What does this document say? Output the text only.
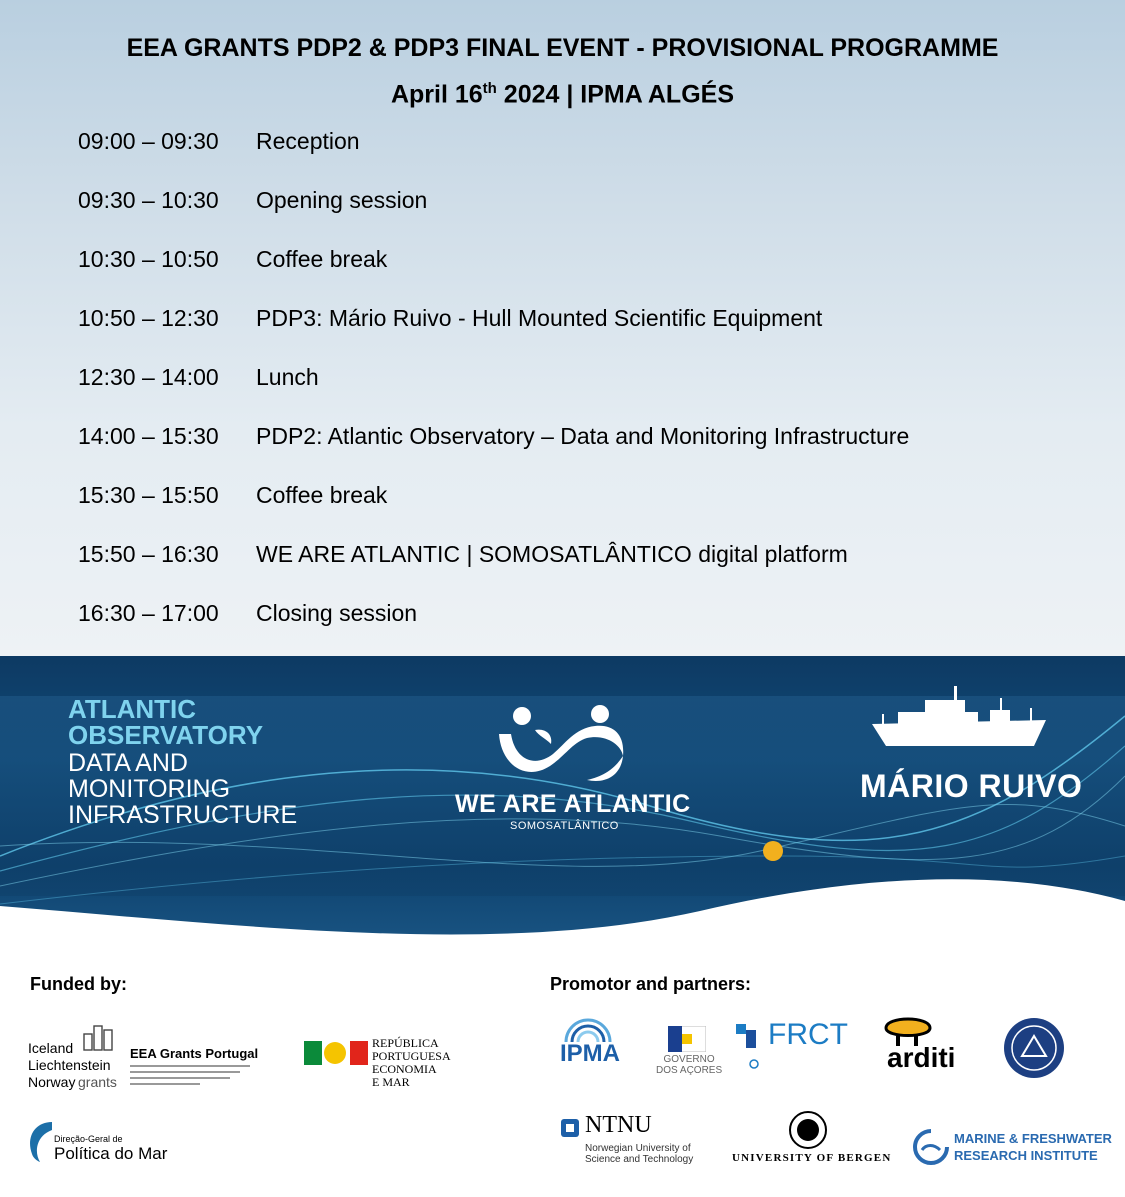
EEA GRANTS PDP2 & PDP3 FINAL EVENT - PROVISIONAL PROGRAMME
April 16th 2024 | IPMA ALGÉS
09:00 – 09:30 Reception
09:30 – 10:30 Opening session
10:30 – 10:50 Coffee break
10:50 – 12:30 PDP3: Mário Ruivo - Hull Mounted Scientific Equipment
12:30 – 14:00 Lunch
14:00 – 15:30 PDP2: Atlantic Observatory – Data and Monitoring Infrastructure
15:30 – 15:50 Coffee break
15:50 – 16:30 WE ARE ATLANTIC | SOMOSATLÂNTICO digital platform
16:30 – 17:00 Closing session
ATLANTIC
OBSERVATORY
DATA AND
MONITORING
INFRASTRUCTURE	WE ARE ATLANTIC
SOMOSATLÂNTICO
MÁRIO RUIVO
Funded by:
Iceland
Liechtenstein
Norway grants
EEA Grants Portugal
REPÚBLICA
PORTUGUESA
ECONOMIA
E MAR
Direção-Geral de
Política do Mar
Promotor and partners:
IPMA	GOVERNO
DOS AÇORES
FRCT
arditi
NTNU
Norwegian University of
Science and Technology	UNIVERSITY OF BERGEN
MARINE & FRESHWATER
RESEARCH INSTITUTE
